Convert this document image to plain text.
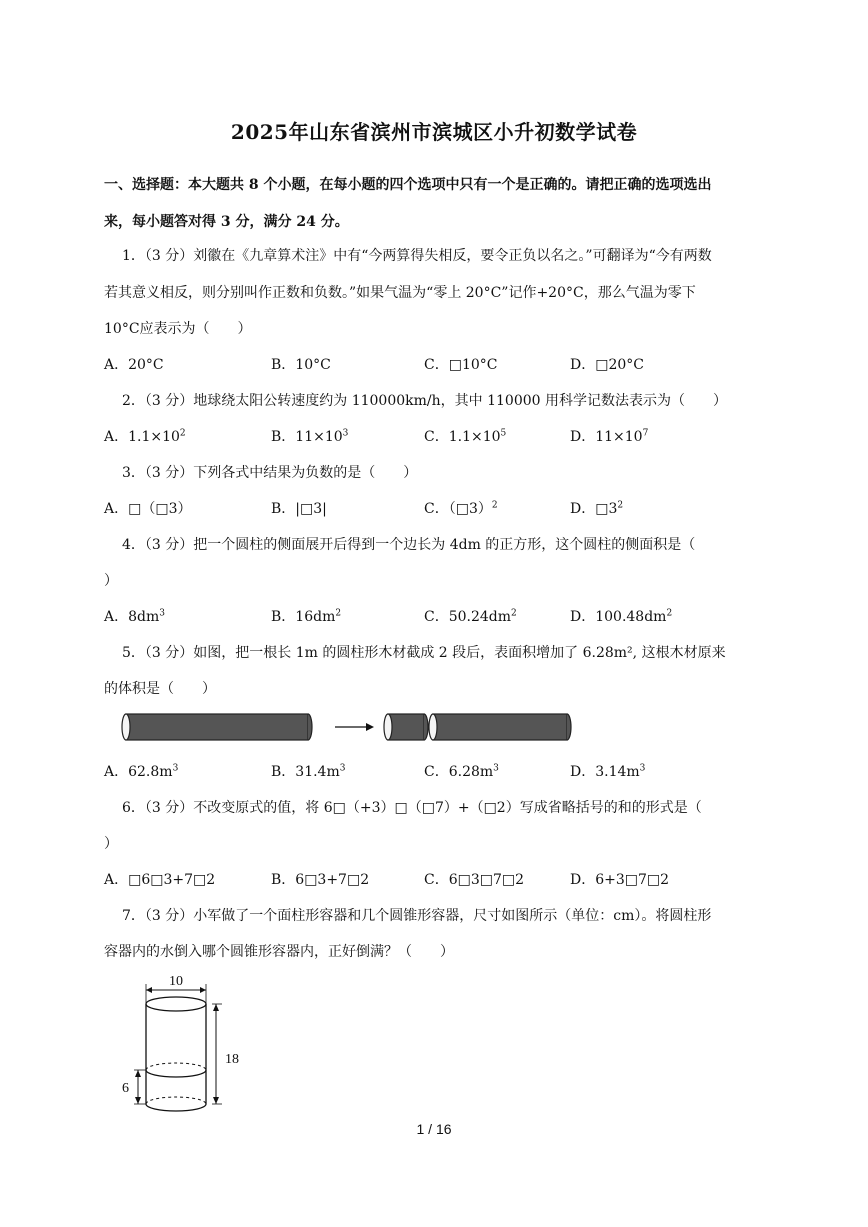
2025年山东省滨州市滨城区小升初数学试卷
一、选择题：本大题共 8 个小题，在每小题的四个选项中只有一个是正确的。请把正确的选项选出
来，每小题答对得 3 分，满分 24 分。
1．（3 分）刘徽在《九章算术注》中有“今两算得失相反，要令正负以名之。”可翻译为“今有两数
若其意义相反，则分别叫作正数和负数。”如果气温为“零上 20°C”记作+20°C，那么气温为零下
10°C应表示为（　　）
A．20°C	B．10°C	C．□10°C	D．□20°C
2．（3 分）地球绕太阳公转速度约为 110000km/h，其中 110000 用科学记数法表示为（　　）
A．$1.1\times 10^2$	B．$11\times 10^3$	C．$1.1\times 10^5$	D．$11\times 10^7$
3．（3 分）下列各式中结果为负数的是（　　）
A．□（□3）	B．|□3|	C．（□3）$^2$	D．$□3^2$
4．（3 分）把一个圆柱的侧面展开后得到一个边长为 4dm 的正方形，这个圆柱的侧面积是（
）
A．$8dm^3$	B．$16dm^2$	C．$50.24dm^2$	D．$100.48dm^2$
5．（3 分）如图，把一根长 1m 的圆柱形木材截成 2 段后，表面积增加了 6.28m², 这根木材原来
的体积是（　　）
A．$62.8m^3$	B．$31.4m^3$	C．$6.28m^3$	D．$3.14m^3$
6．（3 分）不改变原式的值，将 6□（+3）□（□7）+（□2）写成省略括号的和的形式是（
）
A．□6□3+7□2	B．6□3+7□2	C．6□3□7□2	D．6+3□7□2
7．（3 分）小军做了一个面柱形容器和几个圆锥形容器，尺寸如图所示（单位：cm）。将圆柱形
容器内的水倒入哪个圆锥形容器内，正好倒满？（　　）
10
18
6
1 / 16
